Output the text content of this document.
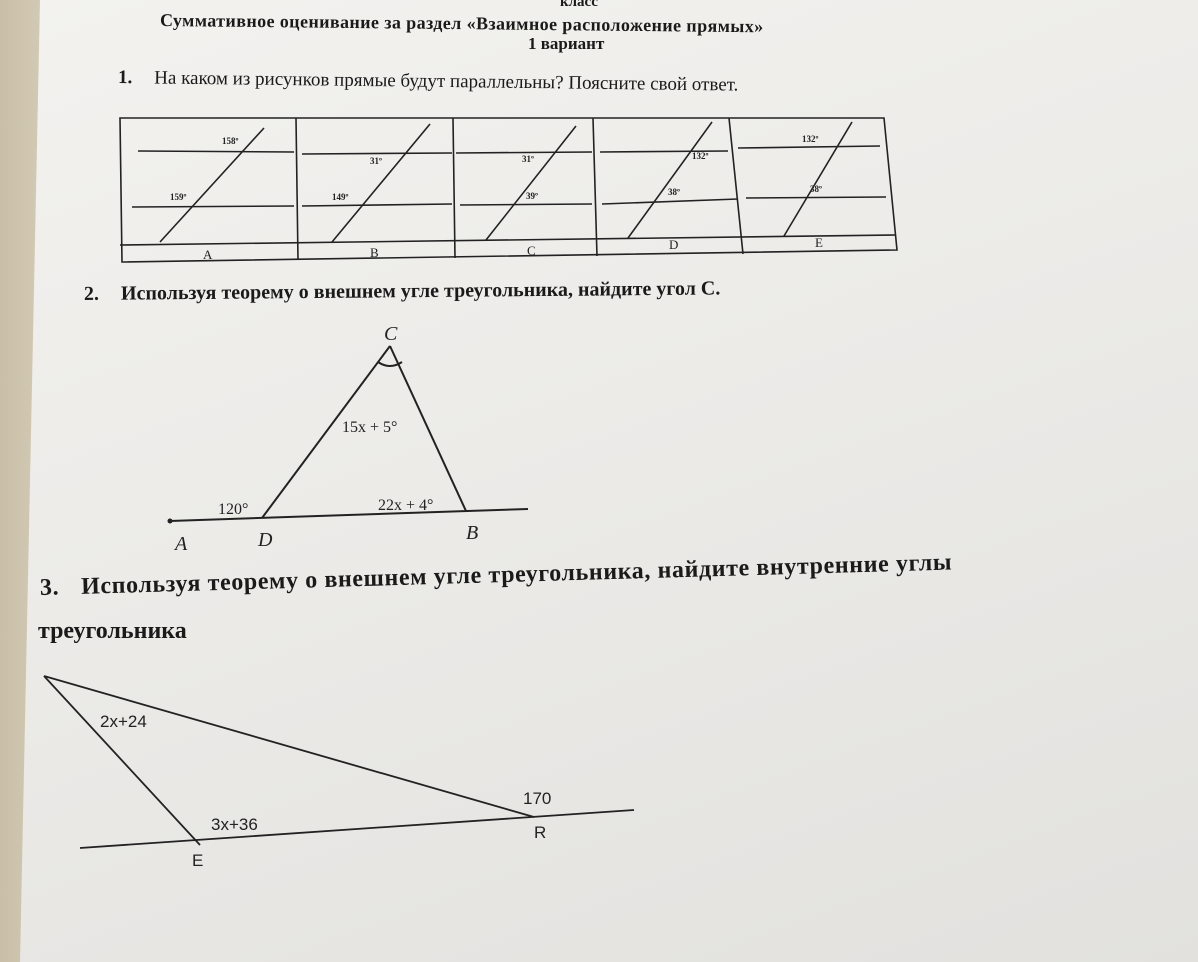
класс
Суммативное оценивание за раздел «Взаимное расположение прямых»
1 вариант
1. На каком из рисунков прямые будут параллельны? Поясните свой ответ.
158º
159º
31º
149º
31º
39º
132º
38º
132º
38º
A	B	C	D	E
2. Используя теорему о внешнем угле треугольника, найдите угол С.
C
A	D	B
15x + 5°
120°	22x + 4°
3. Используя теорему о внешнем угле треугольника, найдите внутренние углы
треугольника
2x+24
3x+36
170
E
R
